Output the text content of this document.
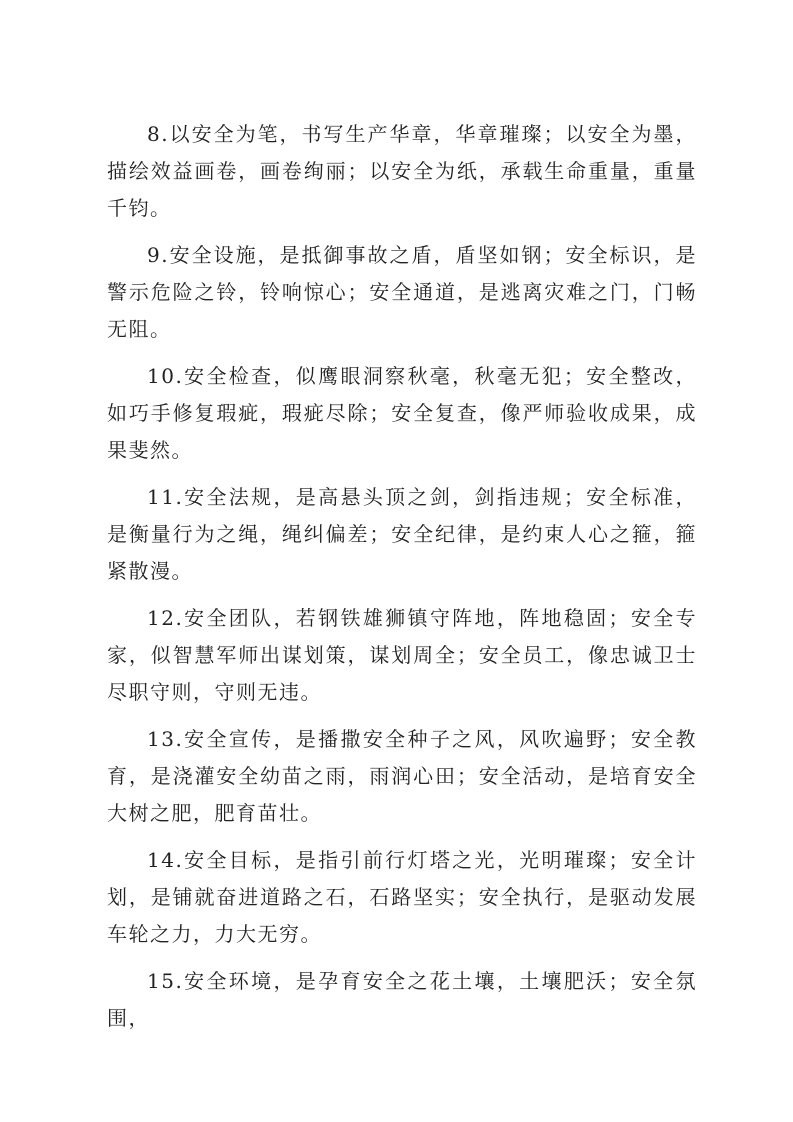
8.以安全为笔，书写生产华章，华章璀璨；以安全为墨，描绘效益画卷，画卷绚丽；以安全为纸，承载生命重量，重量千钧。

9.安全设施，是抵御事故之盾，盾坚如钢；安全标识，是警示危险之铃，铃响惊心；安全通道，是逃离灾难之门，门畅无阻。

10.安全检查，似鹰眼洞察秋毫，秋毫无犯；安全整改，如巧手修复瑕疵，瑕疵尽除；安全复查，像严师验收成果，成果斐然。

11.安全法规，是高悬头顶之剑，剑指违规；安全标准，是衡量行为之绳，绳纠偏差；安全纪律，是约束人心之箍，箍紧散漫。

12.安全团队，若钢铁雄狮镇守阵地，阵地稳固；安全专家，似智慧军师出谋划策，谋划周全；安全员工，像忠诚卫士尽职守则，守则无违。

13.安全宣传，是播撒安全种子之风，风吹遍野；安全教育，是浇灌安全幼苗之雨，雨润心田；安全活动，是培育安全大树之肥，肥育苗壮。

14.安全目标，是指引前行灯塔之光，光明璀璨；安全计划，是铺就奋进道路之石，石路坚实；安全执行，是驱动发展车轮之力，力大无穷。

15.安全环境，是孕育安全之花土壤，土壤肥沃；安全氛围，
